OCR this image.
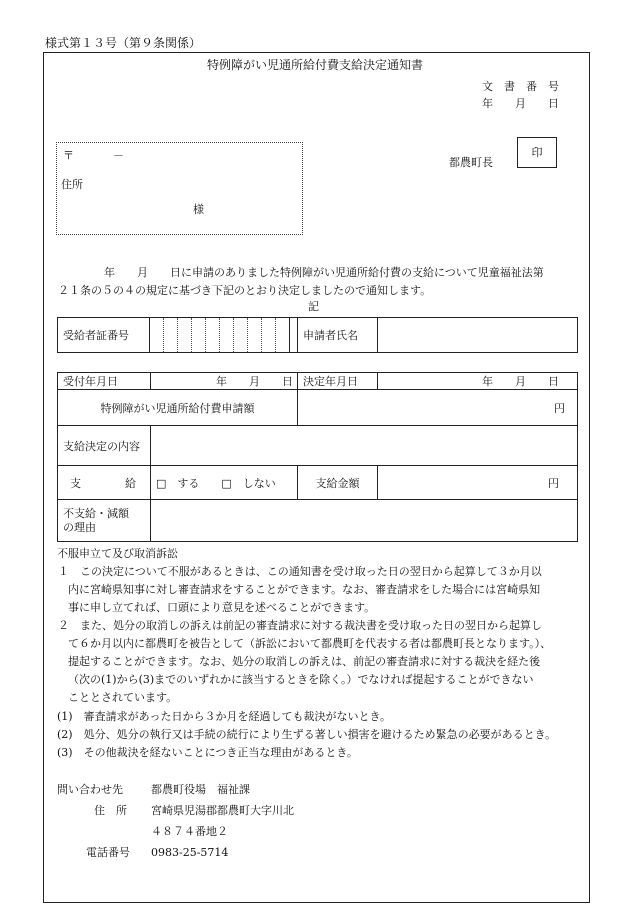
様式第１３号（第９条関係）
特例障がい児通所給付費支給決定通知書
文　書　番　号
年　　月　　日
〒	－
住所
様
都農町長
印
年　　月　　日に申請のありました特例障がい児通所給付費の支給について児童福祉法第
２１条の５の４の規定に基づき下記のとおり決定しましたので通知します。
記
受給者証番号			申請者氏名	
受付年月日	年　　月　　日	決定年月日	年　　月　　日
特例障がい児通所給付費申請額		円	
支給決定の内容			
支　　　　給	□　する　　□　しない	支給金額	円

不支給・減額
の理由			

不服申立て及び取消訴訟
１　この決定について不服があるときは、この通知書を受け取った日の翌日から起算して３か月以
内に宮崎県知事に対し審査請求をすることができます。なお、審査請求をした場合には宮崎県知
事に申し立てれば、口頭により意見を述べることができます。
２　また、処分の取消しの訴えは前記の審査請求に対する裁決書を受け取った日の翌日から起算し
て６か月以内に都農町を被告として（訴訟において都農町を代表する者は都農町長となります。）、
提起することができます。なお、処分の取消しの訴えは、前記の審査請求に対する裁決を経た後
（次の(1)から(3)までのいずれかに該当するときを除く。）でなければ提起することができない
こととされています。
(1)　審査請求があった日から３か月を経過しても裁決がないとき。
(2)　処分、処分の執行又は手続の続行により生ずる著しい損害を避けるため緊急の必要があるとき。
(3)　その他裁決を経ないことにつき正当な理由があるとき。
問い合わせ先	都農町役場　福祉課
住　所 宮崎県児湯郡都農町大字川北
４８７４番地２
電話番号 0983-25-5714
